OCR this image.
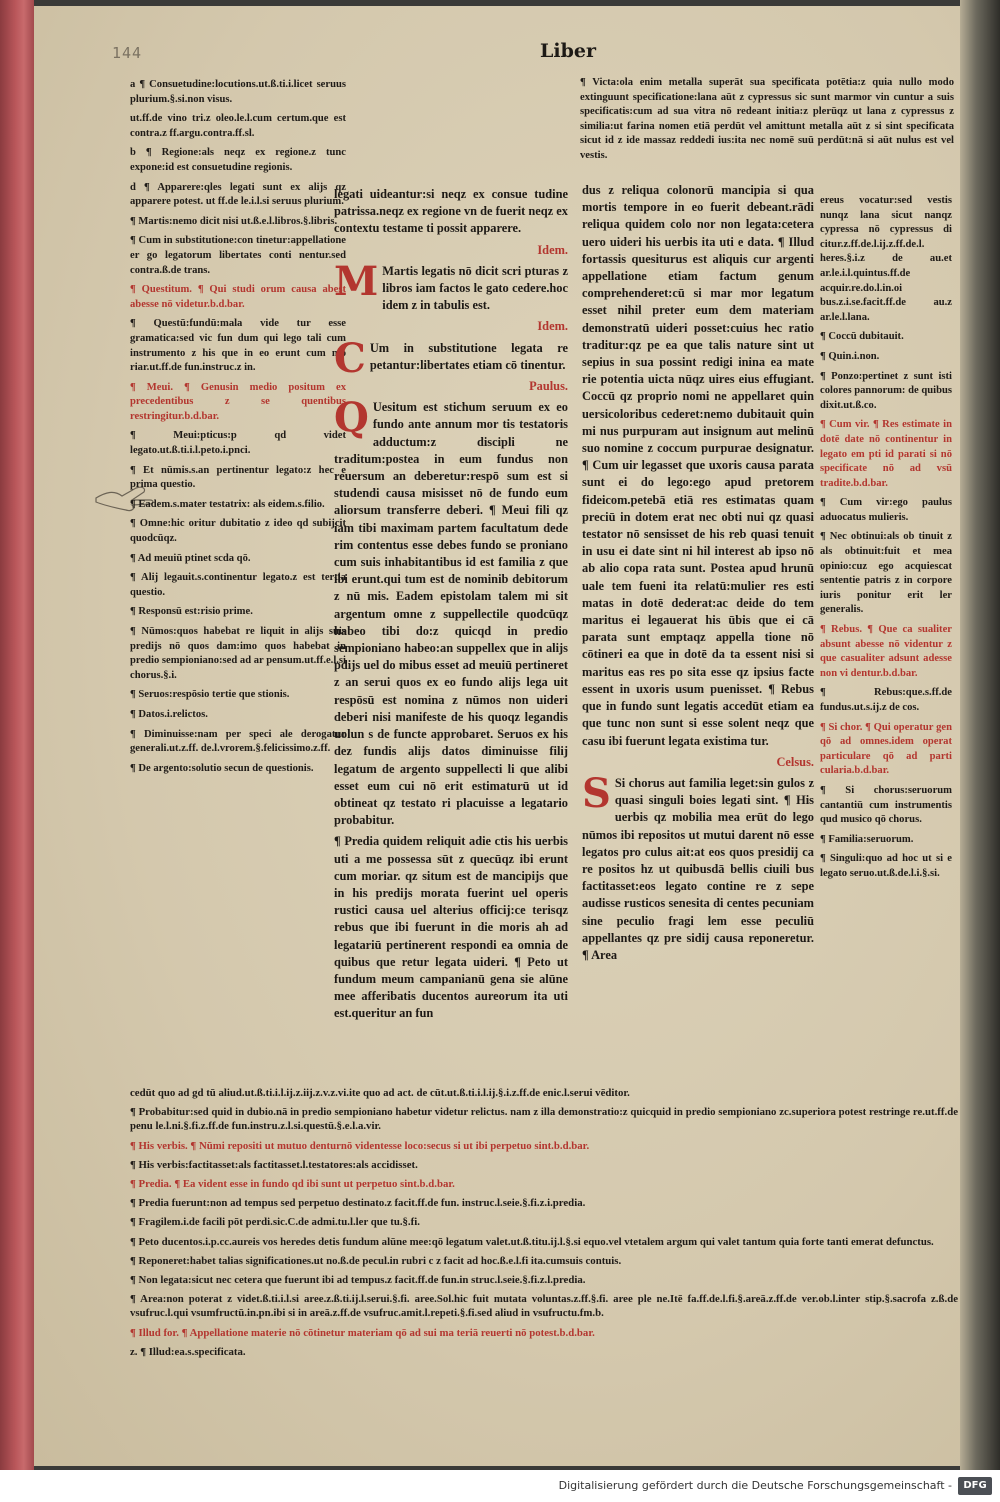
144	Liber

a ¶ Consuetudine:locutions.ut.ß.ti.i.licet seruus plurium.§.si.non visus.

ut.ff.de vino tri.z oleo.le.l.cum certum.que est contra.z ff.argu.contra.ff.sl.

b ¶ Regione:als neqz ex regione.z tunc expone:id est consuetudine regionis.

d ¶ Apparere:qles legati sunt ex alijs qz apparere potest. ut ff.de le.i.l.si seruus plurium.

¶ Martis:nemo dicit nisi ut.ß.e.l.libros.§.libris.

¶ Cum in substitutione:con tinetur:appellatione er go legatorum libertates conti nentur.sed contra.ß.de trans.

¶ Questitum. ¶ Qui studi orum causa abest abesse nō videtur.b.d.bar.

¶ Questū:fundū:mala vide tur esse gramatica:sed vic fun dum qui lego tali cum instrumento z his que in eo erunt cum mo riar.ut.ff.de fun.instruc.z in.

¶ Meui. ¶ Genusin medio positum ex precedentibus z se quentibus restringitur.b.d.bar.

¶ Meui:pticus:p qd videt legato.ut.ß.ti.i.l.peto.i.pnci.

¶ Et nūmis.s.an pertinentur legato:z hec e prima questio.

¶ Eadem.s.mater testatrix: als eidem.s.filio.

¶ Omne:hic oritur dubitatio z ideo qd subijcit quodcūqz.

¶ Ad meuiū ptinet scda qō.

¶ Alij legauit.s.continentur legato.z est tertia questio.

¶ Responsū est:risio prime.

¶ Nūmos:quos habebat re liquit in alijs suis predijs nō quos dam:imo quos habebat in predio sempioniano:sed ad ar pensum.ut.ff.e.l.si chorus.§.i.

¶ Seruos:respōsio tertie que stionis.

¶ Datos.i.relictos.

¶ Diminuisse:nam per speci ale derogatur generali.ut.z.ff. de.l.vrorem.§.felicissimo.z.ff.

¶ De argento:solutio secun de questionis.

¶ Victa:ola enim metalla superāt sua specificata potētia:z quia nullo modo extinguunt specificatione:lana aūt z cypressus sic sunt marmor vin cuntur a suis specificatis:cum ad sua vitra nō redeant initia:z plerūqz ut lana z cypressus z similia:ut farina nomen etiā perdūt vel amittunt metalla aūt z si sint specificata sicut id z ide massaz reddedi ius:ita nec nomē suū perdūt:nā si aūt nulus est vel vestis.

legati uideantur:si neqz ex consue tudine patrissa.neqz ex regione vn de fuerit neqz ex contextu testame ti possit apparere.

Idem.

M Martis legatis nō dicit scri pturas z libros iam factos le gato cedere.hoc idem z in tabulis est.

Idem.

C Um in substitutione legata re petantur:libertates etiam cō tinentur.

Paulus.

Q Uesitum est stichum seruum ex eo fundo ante annum mor tis testatoris adductum:z discipli ne traditum:postea in eum fundus non reuersum an deberetur:respō sum est si studendi causa misisset nō de fundo eum aliorsum transferre deberi. ¶ Meui fili qz iam tibi maximam partem facultatum dede rim contentus esse debes fundo se proniano cum suis inhabitantibus id est familia z que ibi erunt.qui tum est de nominib debitorum z nū mis. Eadem epistolam talem mi sit argentum omne z suppellectile quodcūqz habeo tibi do:z quicqd in predio sempioniano habeo:an suppellex que in alijs pdijs uel do mibus esset ad meuiū pertineret z an serui quos ex eo fundo alijs lega uit respōsū est nomina z nūmos non uideri deberi nisi manifeste de his quoqz legandis uolun s de functe approbaret. Seruos ex his dez fundis alijs datos diminuisse filij legatum de argento suppellecti li que alibi esset eum cui nō erit estimaturū ut id obtineat qz testato ri placuisse a legatario probabitur.

¶ Predia quidem reliquit adie ctis his uerbis uti a me possessa sūt z quecūqz ibi erunt cum moriar. qz situm est de mancipijs que in his predijs morata fuerint uel operis rustici causa uel alterius officij:ce terisqz rebus que ibi fuerunt in die moris ah ad legatariū pertinerent respondi ea omnia de quibus que retur legata uideri. ¶ Peto ut fundum meum campanianū gena sie alūne mee afferibatis ducentos aureorum ita uti est.queritur an fun

dus z reliqua colonorū mancipia si qua mortis tempore in eo fuerit debeant.rādi reliqua quidem colo nor non legata:cetera uero uideri his uerbis ita uti e data. ¶ Illud fortassis quesiturus est aliquis cur argenti appellatione etiam factum genum comprehenderet:cū si mar mor legatum esset nihil preter eum dem materiam demonstratū uideri posset:cuius hec ratio traditur:qz pe ea que talis nature sint ut sepius in sua possint redigi inina ea mate rie potentia uicta nūqz uires eius effugiant. Coccū qz proprio nomi ne appellaret quin uersicoloribus cederet:nemo dubitauit quin mi nus purpuram aut insignum aut melinū suo nomine z coccum purpurae designatur. ¶ Cum uir legasset que uxoris causa parata sunt ei do lego:ego apud pretorem fideicom.petebā etiā res estimatas quam preciū in dotem erat nec obti nui qz quasi testator nō sensisset de his reb quasi tenuit in usu ei date sint ni hil interest ab ipso nō ab alio copa rata sunt. Postea apud hrunū uale tem fueni ita relatū:mulier res esti matas in dotē dederat:ac deide do tem maritus ei legauerat his ūbis que ei cā parata sunt emptaqz appella tione nō cōtineri ea que in dotē da ta essent nisi si maritus eas res po sita esse qz ipsius facte essent in uxoris usum puenisset. ¶ Rebus que in fundo sunt legatis accedūt etiam ea que tunc non sunt si esse solent neqz que casu ibi fuerunt legata existima tur.

Celsus.

S Si chorus aut familia leget:sin gulos z quasi singuli boies legati sint. ¶ His uerbis qz mobilia mea erūt do lego nūmos ibi repositos ut mutui darent nō esse legatos pro culus ait:at eos quos presidij ca re positos hz ut quibusdā bellis ciuili bus factitasset:eos legato contine re z sepe audisse rusticos senesita di centes pecuniam sine peculio fragi lem esse peculiū appellantes qz pre sidij causa reponeretur. ¶ Area

ereus vocatur:sed vestis nunqz lana sicut nanqz cypressa nō cypressus di citur.z.ff.de.l.ij.z.ff.de.l. heres.§.i.z de au.et ar.le.i.l.quintus.ff.de acquir.re.do.l.in.oi bus.z.i.se.facit.ff.de au.z ar.le.l.lana.

¶ Coccū dubitauit.

¶ Quin.i.non.

¶ Ponzo:pertinet z sunt isti colores pannorum: de quibus dixit.ut.ß.co.

¶ Cum vir. ¶ Res estimate in dotē date nō continentur in legato em pti id parati si nō specificate nō ad vsū tradite.b.d.bar.

¶ Cum vir:ego paulus aduocatus mulieris.

¶ Nec obtinui:als ob tinuit z als obtinuit:fuit et mea opinio:cuz ego acquiescat sententie patris z in corpore iuris ponitur erit ler generalis.

¶ Rebus. ¶ Que ca sualiter absunt abesse nō videntur z que casualiter adsunt adesse non vi dentur.b.d.bar.

¶ Rebus:que.s.ff.de fundus.ut.s.ij.z de cos.

¶ Si chor. ¶ Qui operatur gen qō ad omnes.idem operat particulare qō ad parti cularia.b.d.bar.

¶ Si chorus:seruorum cantantiū cum instrumentis qud musico qō chorus.

¶ Familia:seruorum.

¶ Singuli:quo ad hoc ut si e legato seruo.ut.ß.de.l.i.§.si.

cedūt quo ad gd tū aliud.ut.ß.ti.i.l.ij.z.iij.z.v.z.vi.ite quo ad act. de cūt.ut.ß.ti.i.l.ij.§.i.z.ff.de enic.l.serui vēditor.

¶ Probabitur:sed quid in dubio.nā in predio sempioniano habetur videtur relictus. nam z illa demonstratio:z quicquid in predio sempioniano zc.superiora potest restringe re.ut.ff.de penu le.l.ni.§.fi.z.ff.de fun.instru.z.l.si.questū.§.e.l.a.vir.

¶ His verbis. ¶ Nūmi repositi ut mutuo denturnō videntesse loco:secus si ut ibi perpetuo sint.b.d.bar.

¶ His verbis:factitasset:als factitasset.l.testatores:als accidisset.

¶ Predia. ¶ Ea vident esse in fundo qd ibi sunt ut perpetuo sint.b.d.bar.

¶ Predia fuerunt:non ad tempus sed perpetuo destinato.z facit.ff.de fun. instruc.l.seie.§.fi.z.i.predia.

¶ Fragilem.i.de facili pōt perdi.sic.C.de admi.tu.l.ler que tu.§.fi.

¶ Peto ducentos.i.p.cc.aureis vos heredes detis fundum alūne mee:qō legatum valet.ut.ß.titu.ij.l.§.si equo.vel vtetalem argum qui valet tantum quia forte tanti emerat defunctus.

¶ Reponeret:habet talias significationes.ut no.ß.de pecul.in rubri c z facit ad hoc.ß.e.l.fi ita.cumsuis contuis.

¶ Non legata:sicut nec cetera que fuerunt ibi ad tempus.z facit.ff.de fun.in struc.l.seie.§.fi.z.l.predia.

¶ Area:non poterat z videt.ß.ti.i.l.si aree.z.ß.ti.ij.l.serui.§.fi. aree.Sol.hic fuit mutata voluntas.z.ff.§.fi. aree ple ne.Itē fa.ff.de.l.fi.§.areā.z.ff.de ver.ob.l.inter stip.§.sacrofa z.ß.de vsufruc.l.qui vsumfructū.in.pn.ibi si in areā.z.ff.de vsufruc.amit.l.repeti.§.fi.sed aliud in vsufructu.fm.b.

¶ Illud for. ¶ Appellatione materie nō cōtinetur materiam qō ad sui ma teriā reuerti nō potest.b.d.bar.

z. ¶ Illud:ea.s.specificata.

Digitalisierung gefördert durch die Deutsche Forschungsgemeinschaft -	DFG
